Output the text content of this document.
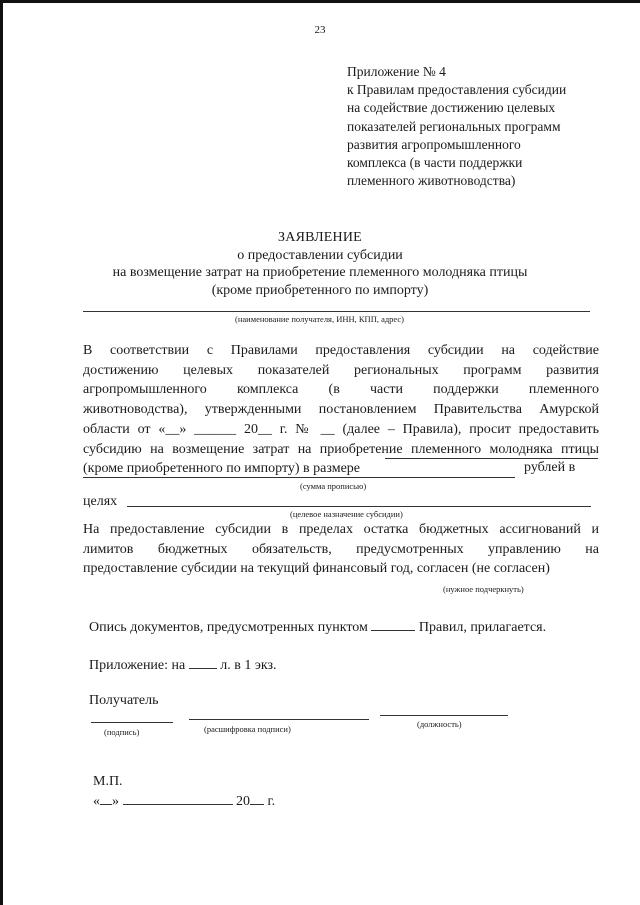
23
Приложение № 4
к Правилам предоставления субсидии
на содействие достижению целевых
показателей региональных программ
развития агропромышленного
комплекса (в части поддержки
племенного животноводства)
ЗАЯВЛЕНИЕ
о предоставлении субсидии
на возмещение затрат на приобретение племенного молодняка птицы
(кроме приобретенного по импорту)
(наименование получателя, ИНН, КПП, адрес)
В соответствии с Правилами предоставления субсидии на содействие
достижению целевых показателей региональных программ развития
агропромышленного комплекса (в части поддержки племенного
животноводства), утвержденными постановлением Правительства Амурской
области от «__» ______ 20__ г. № __ (далее – Правила), просит предоставить
субсидию на возмещение затрат на приобретение племенного молодняка птицы
(кроме приобретенного по импорту) в размере	рублей в
(сумма прописью)
целях
(целевое назначение субсидии)
На предоставление субсидии в пределах остатка бюджетных ассигнований и
лимитов бюджетных обязательств, предусмотренных управлению на
предоставление субсидии на текущий финансовый год, согласен (не согласен)
(нужное подчеркнуть)
Опись документов, предусмотренных пунктом	Правил, прилагается.
Приложение: на	л. в 1 экз.
Получатель
(подпись)	(расшифровка подписи)	(должность)
М.П.
« »	20 г.
